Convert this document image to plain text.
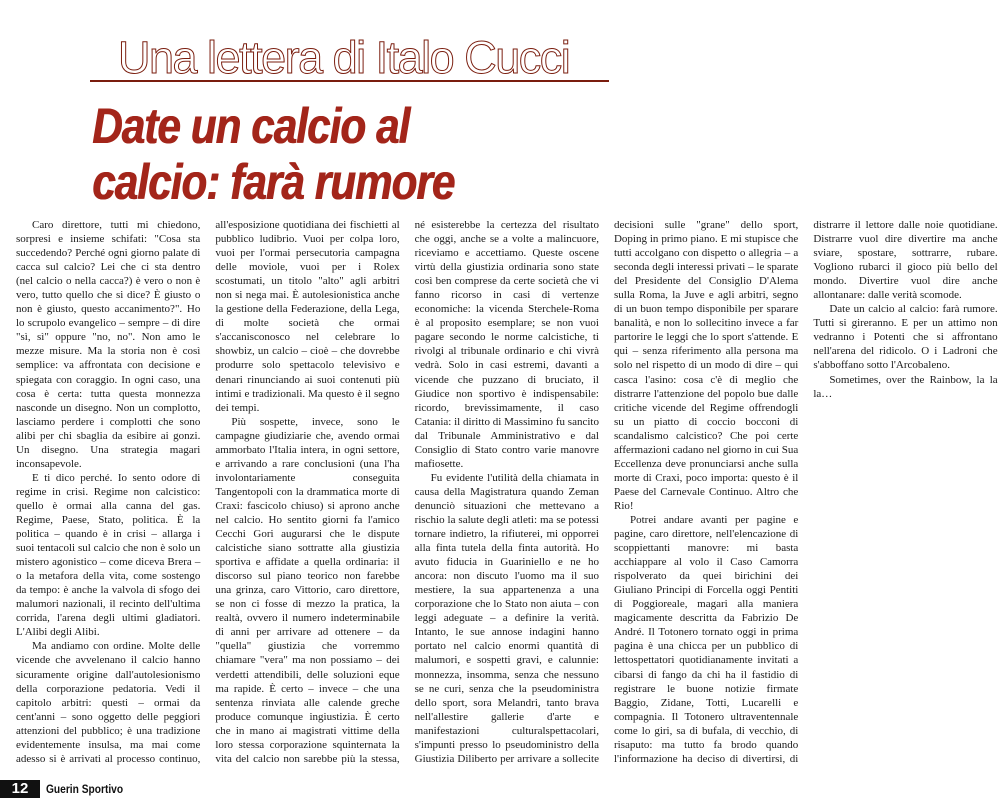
Una lettera di Italo Cucci
Date un calcio al
calcio: farà rumore

Caro direttore, tutti mi chiedono, sorpresi e insieme schifati: "Cosa sta succedendo? Perché ogni giorno palate di cacca sul calcio? Lei che ci sta dentro (nel calcio o nella cacca?) è vero o non è vero, tutto quello che si dice? È giusto o non è giusto, questo accanimento?". Ho lo scrupolo evangelico – sempre – di dire "sì, sì" oppure "no, no". Non amo le mezze misure. Ma la storia non è così semplice: va affrontata con decisione e spiegata con coraggio. In ogni caso, una cosa è certa: tutta questa monnezza nasconde un disegno. Non un complotto, lasciamo perdere i complotti che sono alibi per chi sbaglia da esibire ai gonzi. Un disegno. Una strategia magari inconsapevole.

E ti dico perché. Io sento odore di regime in crisi. Regime non calcistico: quello è ormai alla canna del gas. Regime, Paese, Stato, politica. È la politica – quando è in crisi – allarga i suoi tentacoli sul calcio che non è solo un mistero agonistico – come diceva Brera – o la metafora della vita, come sostengo da tempo: è anche la valvola di sfogo dei malumori nazionali, il recinto dell'ultima corrida, l'arena degli ultimi gladiatori. L'Alibi degli Alibi.

Ma andiamo con ordine. Molte delle vicende che avvelenano il calcio hanno sicuramente origine dall'autolesionismo della corporazione pedatoria. Vedi il capitolo arbitri: questi – ormai da cent'anni – sono oggetto delle peggiori attenzioni del pubblico; è una tradizione evidentemente insulsa, ma mai come adesso si è arrivati al processo continuo, all'esposizione quotidiana dei fischietti al pubblico ludibrio. Vuoi per colpa loro, vuoi per l'ormai persecutoria campagna delle moviole, vuoi per i Rolex scostumati, un titolo "alto" agli arbitri non si nega mai. È autolesionistica anche la gestione della Federazione, della Lega, di molte società che ormai s'accanisconosco nel celebrare lo showbiz, un calcio – cioè – che dovrebbe produrre solo spettacolo televisivo e denari rinunciando ai suoi contenuti più intimi e tradizionali. Ma questo è il segno dei tempi.

Più sospette, invece, sono le campagne giudiziarie che, avendo ormai ammorbato l'Italia intera, in ogni settore, e arrivando a rare conclusioni (una l'ha involontariamente conseguita Tangentopoli con la drammatica morte di Craxi: fascicolo chiuso) si aprono anche nel calcio. Ho sentito giorni fa l'amico Cecchi Gori augurarsi che le dispute calcistiche siano sottratte alla giustizia sportiva e affidate a quella ordinaria: il discorso sul piano teorico non farebbe una grinza, caro Vittorio, caro direttore, se non ci fosse di mezzo la pratica, la realtà, ovvero il numero indeterminabile di anni per arrivare ad ottenere – da "quella" giustizia che vorremmo chiamare "vera" ma non possiamo – dei verdetti attendibili, delle soluzioni eque ma rapide. È certo – invece – che una sentenza rinviata alle calende greche produce comunque ingiustizia. È certo che in mano ai magistrati vittime della loro stessa corporazione squinternata la vita del calcio non sarebbe più la stessa, né esisterebbe la certezza del risultato che oggi, anche se a volte a malincuore, riceviamo e accettiamo. Queste oscene virtù della giustizia ordinaria sono state così ben comprese da certe società che vi fanno ricorso in casi di vertenze economiche: la vicenda Sterchele-Roma è al proposito esemplare; se non vuoi pagare secondo le norme calcistiche, ti rivolgi al tribunale ordinario e chi vivrà vedrà. Solo in casi estremi, davanti a vicende che puzzano di bruciato, il Giudice non sportivo è indispensabile: ricordo, brevissimamente, il caso Catania: il diritto di Massimino fu sancito dal Tribunale Amministrativo e dal Consiglio di Stato contro varie manovre mafiosette.

Fu evidente l'utilità della chiamata in causa della Magistratura quando Zeman denunciò situazioni che mettevano a rischio la salute degli atleti: ma se potessi tornare indietro, la rifiuterei, mi opporrei alla finta tutela della finta autorità. Ho avuto fiducia in Guariniello e ne ho ancora: non discuto l'uomo ma il suo mestiere, la sua appartenenza a una corporazione che lo Stato non aiuta – con leggi adeguate – a definire la verità. Intanto, le sue annose indagini hanno portato nel calcio enormi quantità di malumori, e sospetti gravi, e calunnie: monnezza, insomma, senza che nessuno se ne curi, senza che la pseudoministra dello sport, sora Melandri, tanto brava nell'allestire gallerie d'arte e manifestazioni culturalspettacolari, s'impunti presso lo pseudoministro della Giustizia Diliberto per arrivare a sollecite decisioni sulle "grane" dello sport, Doping in primo piano. E mi stupisce che tutti accolgano con dispetto o allegria – a seconda degli interessi privati – le sparate del Presidente del Consiglio D'Alema sulla Roma, la Juve e agli arbitri, segno di un buon tempo disponibile per sparare banalità, e non lo sollecitino invece a far partorire le leggi che lo sport s'attende. E qui – senza riferimento alla persona ma solo nel rispetto di un modo di dire – qui casca l'asino: cosa c'è di meglio che distrarre l'attenzione del popolo bue dalle critiche vicende del Regime offrendogli su un piatto di coccio bocconi di scandalismo calcistico? Che poi certe affermazioni cadano nel giorno in cui Sua Eccellenza deve pronunciarsi anche sulla morte di Craxi, poco importa: questo è il Paese del Carnevale Continuo. Altro che Rio!

Potrei andare avanti per pagine e pagine, caro direttore, nell'elencazione di scoppiettanti manovre: mi basta acchiappare al volo il Caso Camorra rispolverato da quei birichini dei Giuliano Principi di Forcella oggi Pentiti di Poggioreale, magari alla maniera magicamente descritta da Fabrizio De André. Il Totonero tornato oggi in prima pagina è una chicca per un pubblico di lettospettatori quotidianamente invitati a cibarsi di fango da chi ha il fastidio di registrare le buone notizie firmate Baggio, Zidane, Totti, Lucarelli e compagnia. Il Totonero ultraventennale come lo giri, sa di bufala, di vecchio, di risaputo: ma tutto fa brodo quando l'informazione ha deciso di divertirsi, di distrarre il lettore dalle noie quotidiane. Distrarre vuol dire divertire ma anche sviare, spostare, sottrarre, rubare. Vogliono rubarci il gioco più bello del mondo. Divertire vuol dire anche allontanare: dalle verità scomode.

Date un calcio al calcio: farà rumore. Tutti si gireranno. E per un attimo non vedranno i Potenti che si affrontano nell'arena del ridicolo. O i Ladroni che s'abboffano sotto l'Arcobaleno.

Sometimes, over the Rainbow, la la la…

12	Guerin Sportivo
